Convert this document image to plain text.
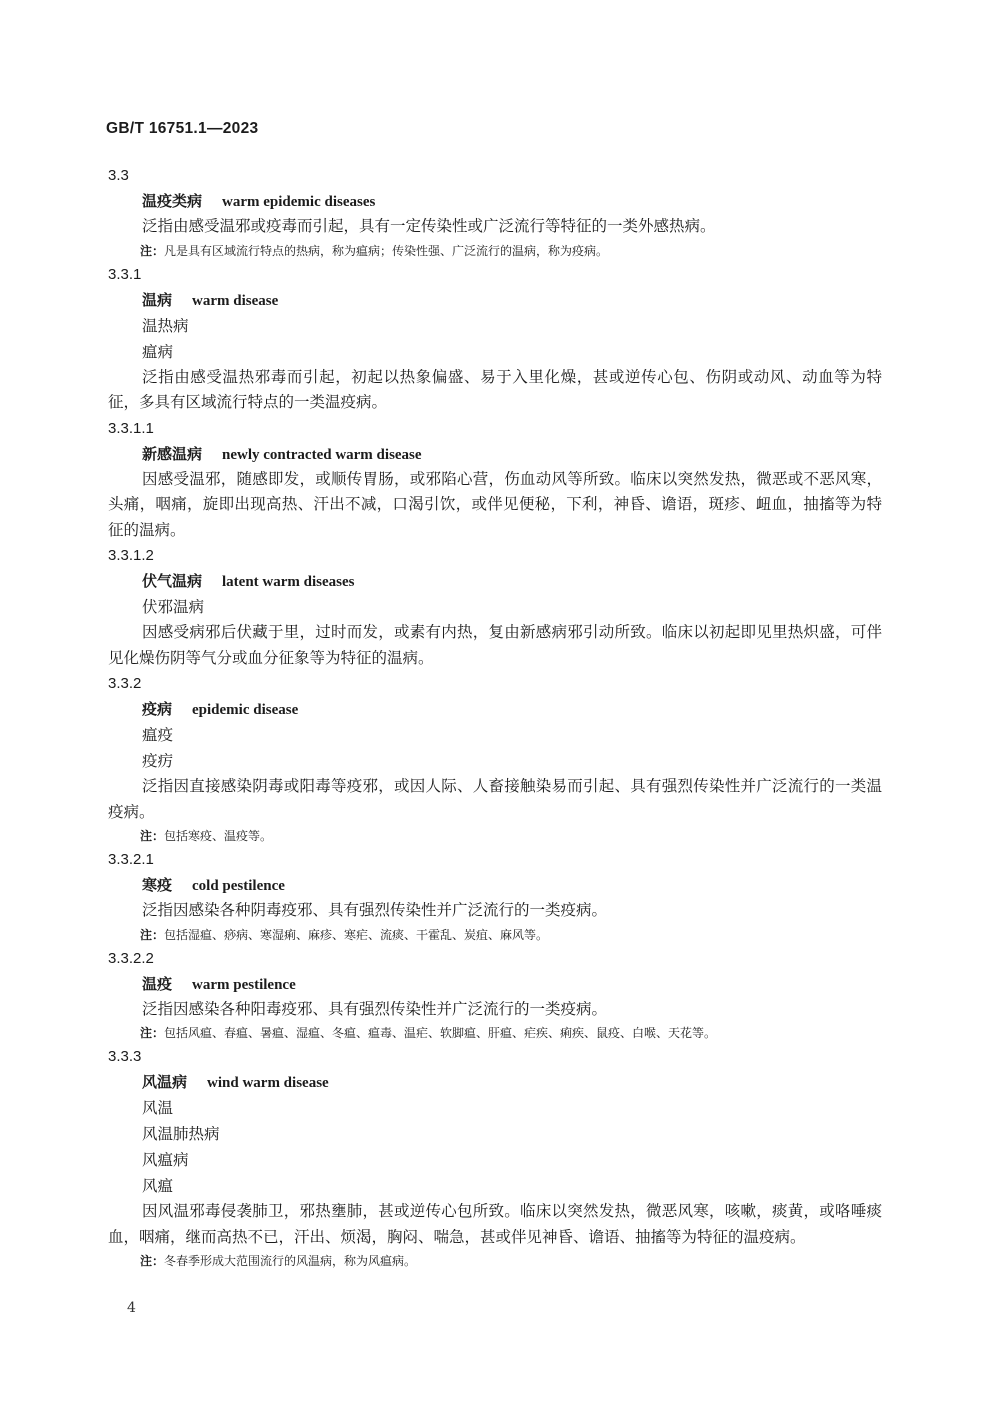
GB/T 16751.1—2023
3.3
温疫类病 warm epidemic diseases
泛指由感受温邪或疫毒而引起，具有一定传染性或广泛流行等特征的一类外感热病。
注：凡是具有区域流行特点的热病，称为瘟病；传染性强、广泛流行的温病，称为疫病。
3.3.1
温病 warm disease
温热病
瘟病
泛指由感受温热邪毒而引起，初起以热象偏盛、易于入里化燥，甚或逆传心包、伤阴或动风、动血等为特征，多具有区域流行特点的一类温疫病。
3.3.1.1
新感温病 newly contracted warm disease
因感受温邪，随感即发，或顺传胃肠，或邪陷心营，伤血动风等所致。临床以突然发热，微恶或不恶风寒，头痛，咽痛，旋即出现高热、汗出不减，口渴引饮，或伴见便秘，下利，神昏、谵语，斑疹、衄血，抽搐等为特征的温病。
3.3.1.2
伏气温病 latent warm diseases
伏邪温病
因感受病邪后伏藏于里，过时而发，或素有内热，复由新感病邪引动所致。临床以初起即见里热炽盛，可伴见化燥伤阴等气分或血分征象等为特征的温病。
3.3.2
疫病 epidemic disease
瘟疫
疫疠
泛指因直接感染阴毒或阳毒等疫邪，或因人际、人畜接触染易而引起、具有强烈传染性并广泛流行的一类温疫病。
注：包括寒疫、温疫等。
3.3.2.1
寒疫 cold pestilence
泛指因感染各种阴毒疫邪、具有强烈传染性并广泛流行的一类疫病。
注：包括湿瘟、痧病、寒湿痢、麻疹、寒疟、流痰、干霍乱、炭疽、麻风等。
3.3.2.2
温疫 warm pestilence
泛指因感染各种阳毒疫邪、具有强烈传染性并广泛流行的一类疫病。
注：包括风瘟、春瘟、暑瘟、湿瘟、冬瘟、瘟毒、温疟、软脚瘟、肝瘟、疟疾、痢疾、鼠疫、白喉、天花等。
3.3.3
风温病 wind warm disease
风温
风温肺热病
风瘟病
风瘟
因风温邪毒侵袭肺卫，邪热壅肺，甚或逆传心包所致。临床以突然发热，微恶风寒，咳嗽，痰黄，或咯唾痰血，咽痛，继而高热不已，汗出、烦渴，胸闷、喘急，甚或伴见神昏、谵语、抽搐等为特征的温疫病。
注：冬春季形成大范围流行的风温病，称为风瘟病。
4
